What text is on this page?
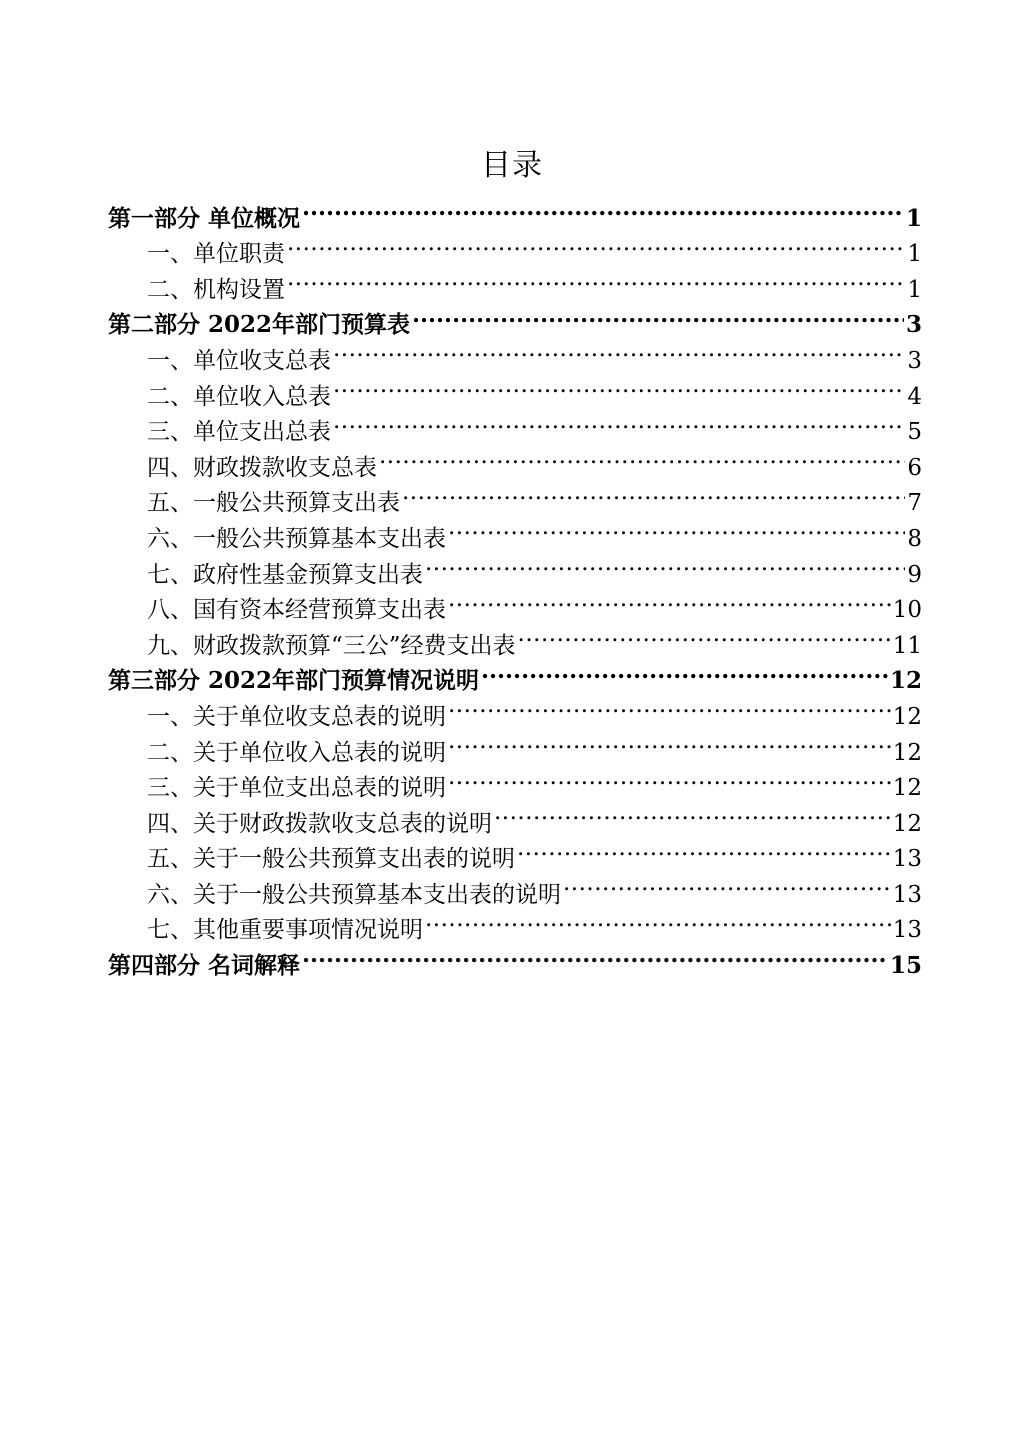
目录
第一部分 单位概况 .....	1
一、单位职责 .....	1
二、机构设置 .....	1
第二部分 2022年部门预算表 .....	3
一、单位收支总表 .....	3
二、单位收入总表 .....	4
三、单位支出总表 .....	5
四、财政拨款收支总表 .....	6
五、一般公共预算支出表 .....	7
六、一般公共预算基本支出表 .....	8
七、政府性基金预算支出表 .....	9
八、国有资本经营预算支出表 .....	10
九、财政拨款预算“三公”经费支出表 .....	11
第三部分 2022年部门预算情况说明 .....	12
一、关于单位收支总表的说明 .....	12
二、关于单位收入总表的说明 .....	12
三、关于单位支出总表的说明 .....	12
四、关于财政拨款收支总表的说明 .....	12
五、关于一般公共预算支出表的说明 .....	13
六、关于一般公共预算基本支出表的说明 .....	13
七、其他重要事项情况说明 .....	13
第四部分 名词解释 .....	15
